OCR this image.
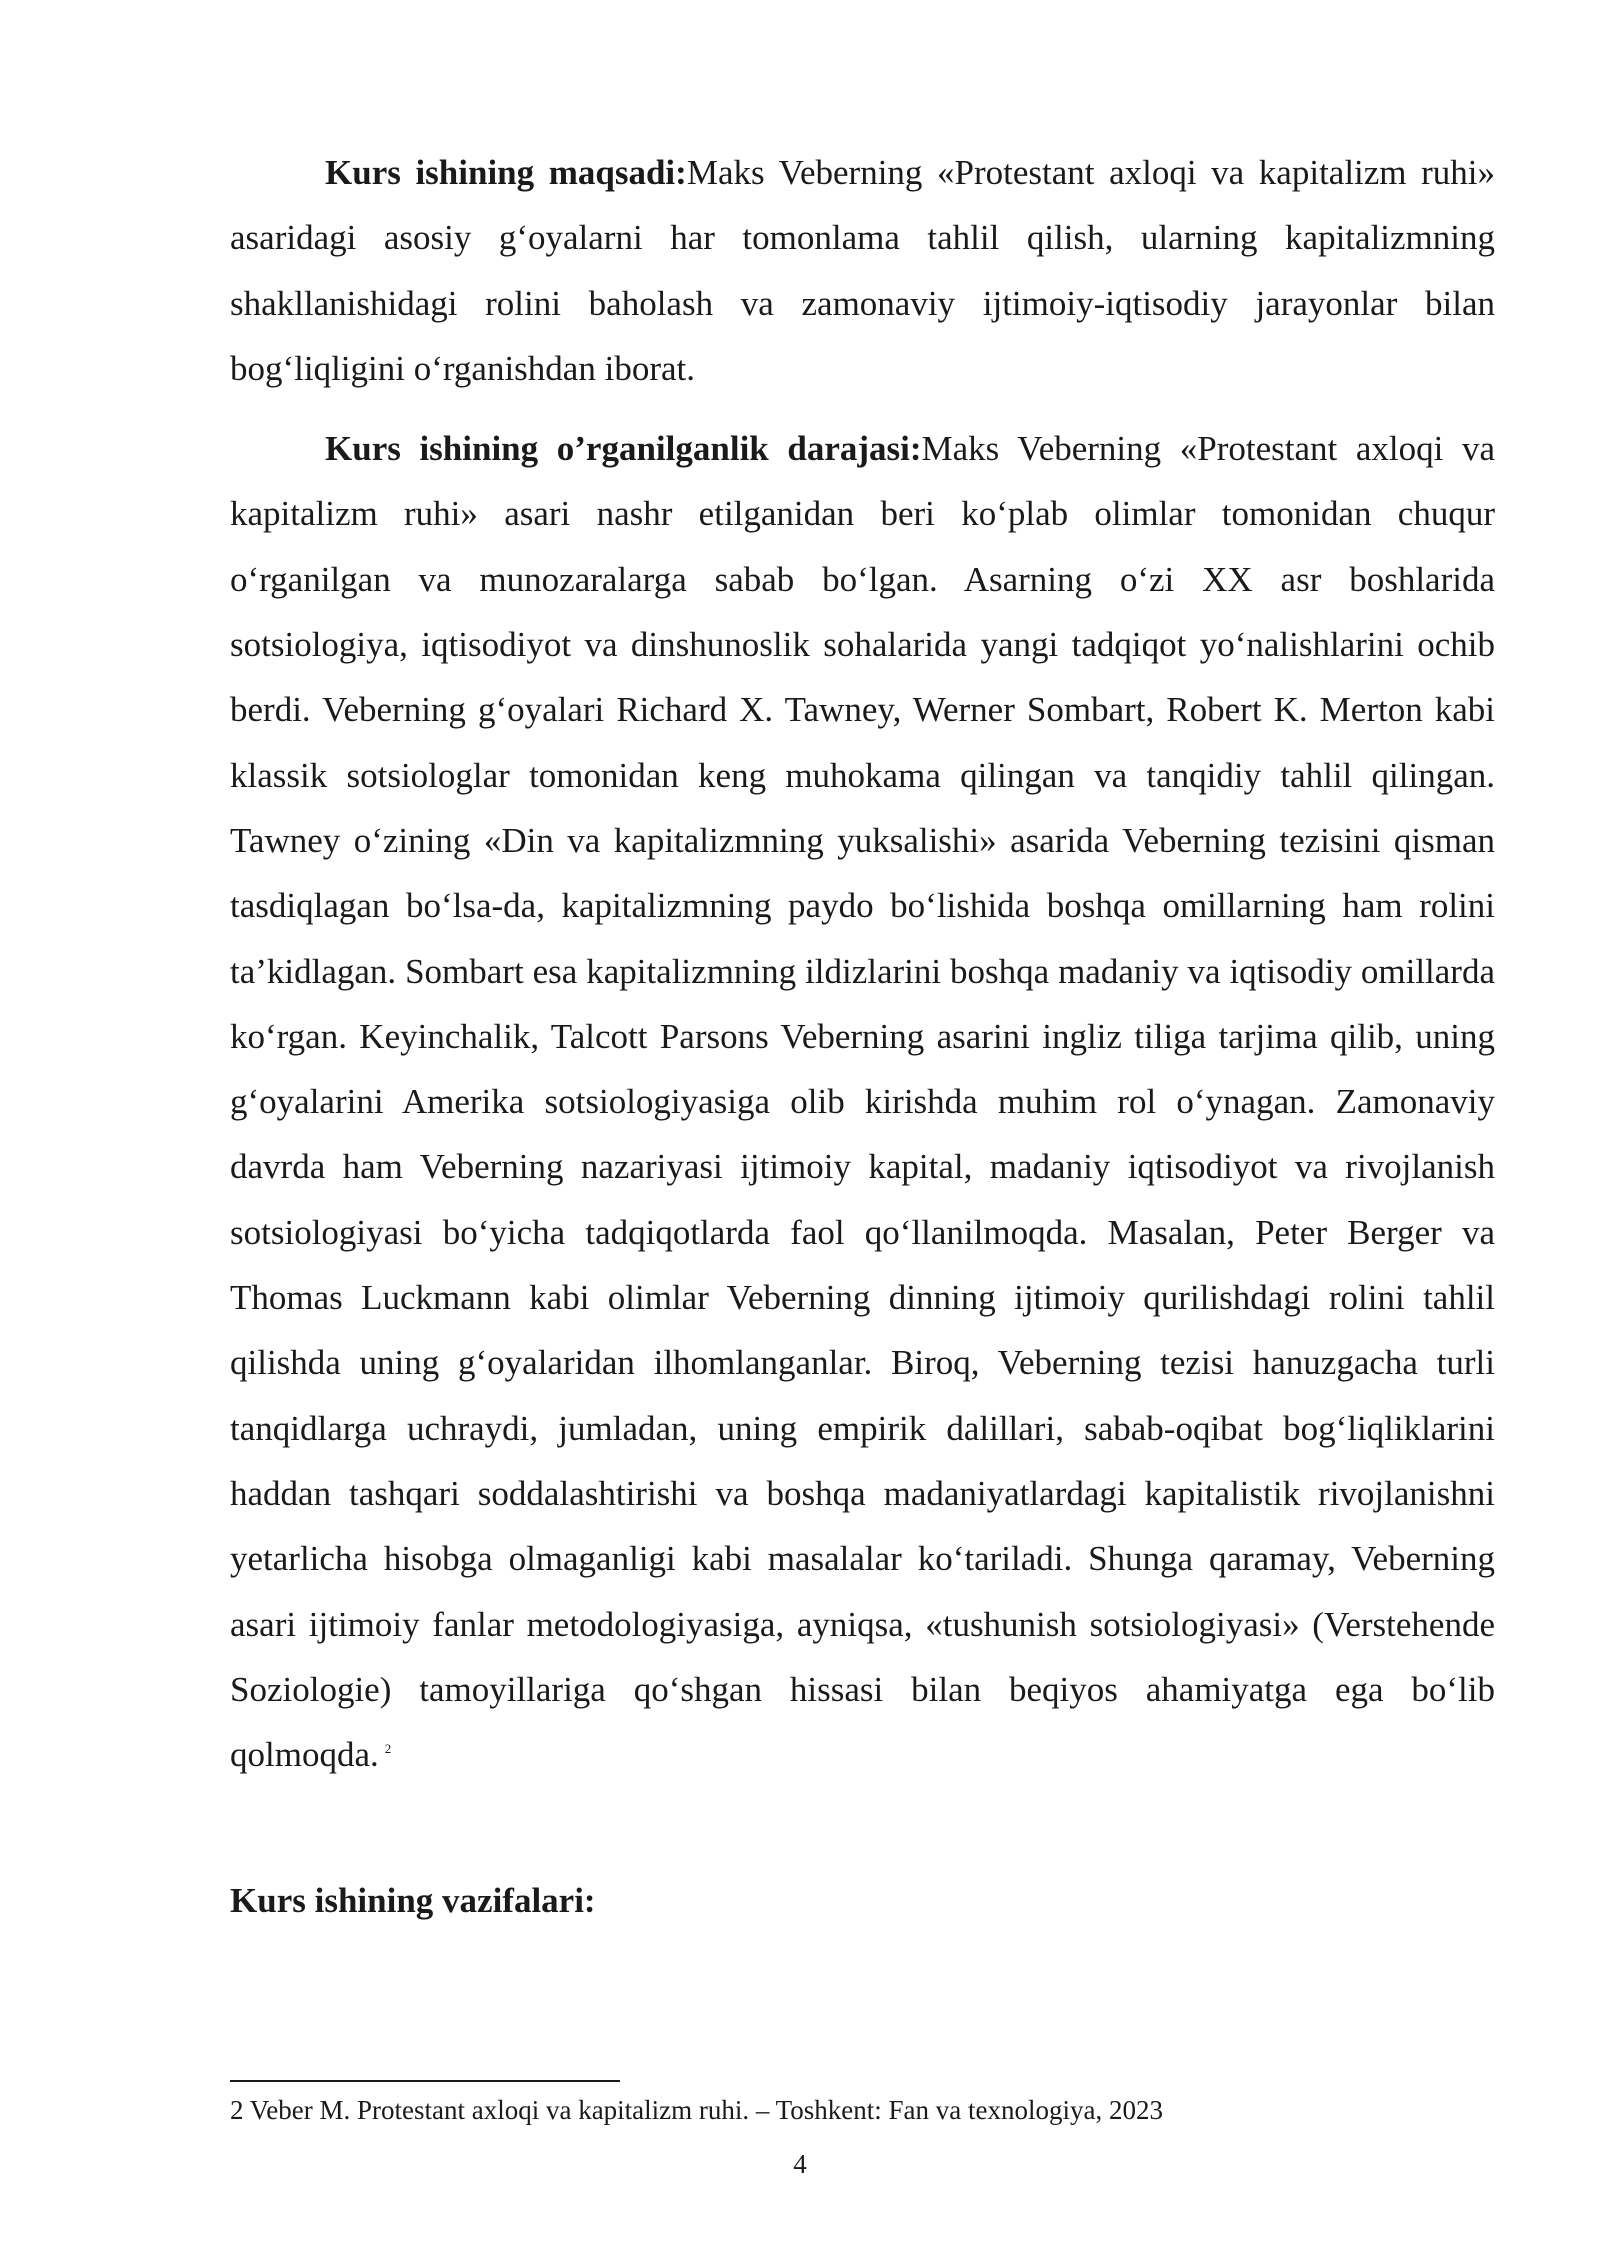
Kurs ishining maqsadi:Maks Veberning «Protestant axloqi va kapitalizm ruhi» asaridagi asosiy g‘oyalarni har tomonlama tahlil qilish, ularning kapitalizmning shakllanishidagi rolini baholash va zamonaviy ijtimoiy-iqtisodiy jarayonlar bilan bog‘liqligini o‘rganishdan iborat.

Kurs ishining o’rganilganlik darajasi:Maks Veberning «Protestant axloqi va kapitalizm ruhi» asari nashr etilganidan beri ko‘plab olimlar tomonidan chuqur o‘rganilgan va munozaralarga sabab bo‘lgan. Asarning o‘zi XX asr boshlarida sotsiologiya, iqtisodiyot va dinshunoslik sohalarida yangi tadqiqot yo‘nalishlarini ochib berdi. Veberning g‘oyalari Richard X. Tawney, Werner Sombart, Robert K. Merton kabi klassik sotsiologlar tomonidan keng muhokama qilingan va tanqidiy tahlil qilingan. Tawney o‘zining «Din va kapitalizmning yuksalishi» asarida Veberning tezisini qisman tasdiqlagan bo‘lsa-da, kapitalizmning paydo bo‘lishida boshqa omillarning ham rolini ta’kidlagan. Sombart esa kapitalizmning ildizlarini boshqa madaniy va iqtisodiy omillarda ko‘rgan. Keyinchalik, Talcott Parsons Veberning asarini ingliz tiliga tarjima qilib, uning g‘oyalarini Amerika sotsiologiyasiga olib kirishda muhim rol o‘ynagan. Zamonaviy davrda ham Veberning nazariyasi ijtimoiy kapital, madaniy iqtisodiyot va rivojlanish sotsiologiyasi bo‘yicha tadqiqotlarda faol qo‘llanilmoqda. Masalan, Peter Berger va Thomas Luckmann kabi olimlar Veberning dinning ijtimoiy qurilishdagi rolini tahlil qilishda uning g‘oyalaridan ilhomlanganlar. Biroq, Veberning tezisi hanuzgacha turli tanqidlarga uchraydi, jumladan, uning empirik dalillari, sabab-oqibat bog‘liqliklarini haddan tashqari soddalashtirishi va boshqa madaniyatlardagi kapitalistik rivojlanishni yetarlicha hisobga olmaganligi kabi masalalar ko‘tariladi. Shunga qaramay, Veberning asari ijtimoiy fanlar metodologiyasiga, ayniqsa, «tushunish sotsiologiyasi» (Verstehende Soziologie) tamoyillariga qo‘shgan hissasi bilan beqiyos ahamiyatga ega bo‘lib qolmoqda. $^2$

Kurs ishining vazifalari:

2 Veber M. Protestant axloqi va kapitalizm ruhi. – Toshkent: Fan va texnologiya, 2023

4
